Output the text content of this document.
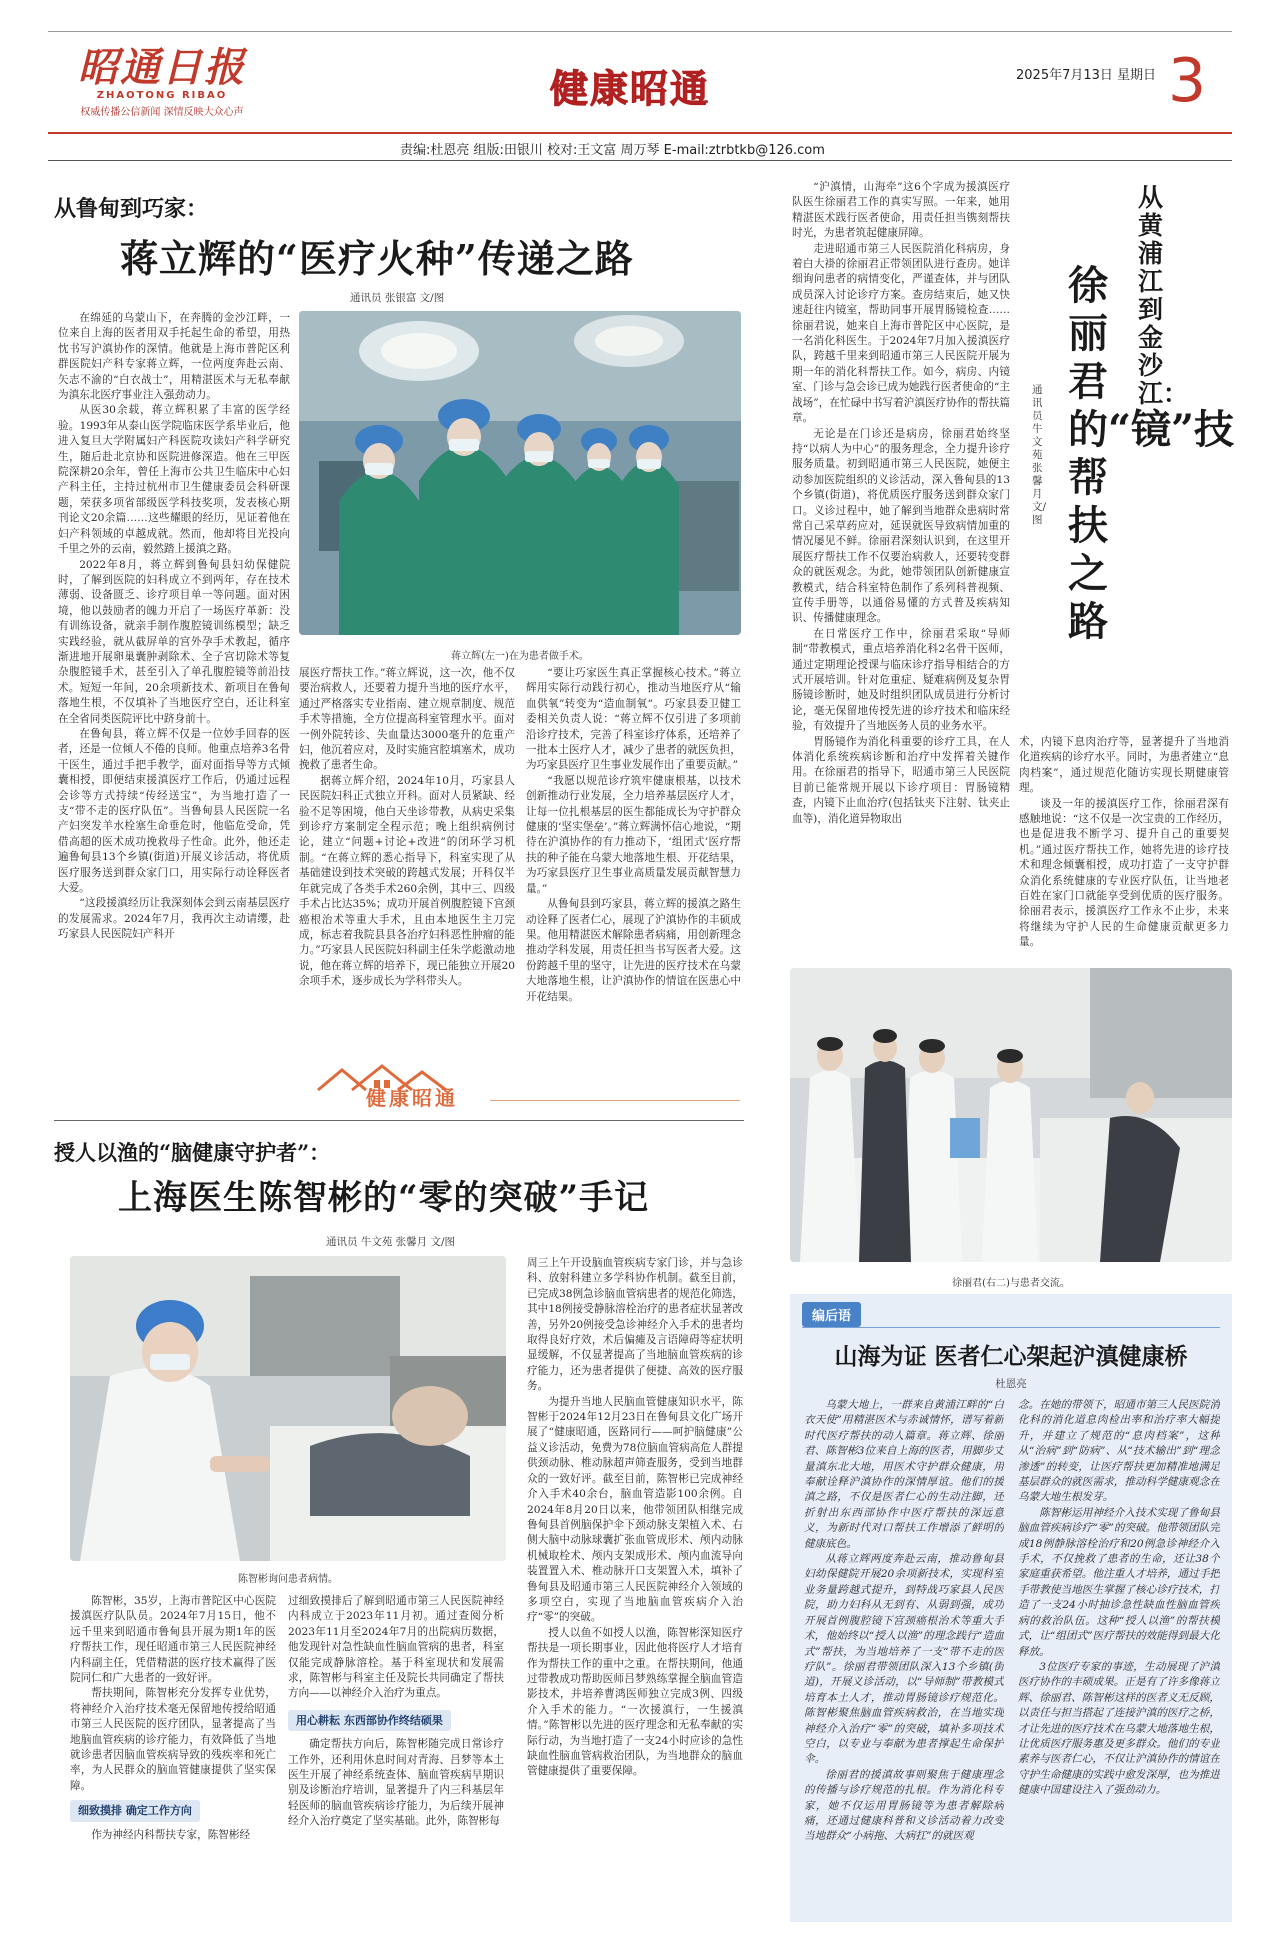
昭通日报
ZHAOTONG RIBAO
权威传播公信新闻 深情反映大众心声
健康昭通	2025年7月13日 星期日 3
责编:杜恩亮 组版:田银川 校对:王文富 周万琴 E-mail:ztrbtkb@126.com
从鲁甸到巧家：
蒋立辉的“医疗火种”传递之路
通讯员 张银富 文/图
蒋立辉(左一)在为患者做手术。

在绵延的乌蒙山下，在奔腾的金沙江畔，一位来自上海的医者用双手托起生命的希望，用热忱书写沪滇协作的深情。他就是上海市普陀区利群医院妇产科专家蒋立辉，一位两度奔赴云南、矢志不渝的“白衣战士”，用精湛医术与无私奉献为滇东北医疗事业注入强劲动力。

从医30余载，蒋立辉积累了丰富的医学经验。1993年从泰山医学院临床医学系毕业后，他进入复旦大学附属妇产科医院攻读妇产科学研究生，随后赴北京协和医院进修深造。他在三甲医院深耕20余年，曾任上海市公共卫生临床中心妇产科主任，主持过杭州市卫生健康委员会科研课题，荣获多项省部级医学科技奖项，发表核心期刊论文20余篇……这些耀眼的经历，见证着他在妇产科领域的卓越成就。然而，他却将目光投向千里之外的云南，毅然踏上援滇之路。

2022年8月，蒋立辉到鲁甸县妇幼保健院时，了解到医院的妇科成立不到两年，存在技术薄弱、设备匮乏、诊疗项目单一等问题。面对困境，他以鼓励者的魄力开启了一场医疗革新：没有训练设备，就亲手制作腹腔镜训练模型；缺乏实践经验，就从截屏单的宫外孕手术教起，循序渐进地开展卵巢囊肿剥除术、全子宫切除术等复杂腹腔镜手术，甚至引入了单孔腹腔镜等前沿技术。短短一年间，20余项新技术、新项目在鲁甸落地生根，不仅填补了当地医疗空白，还让科室在全省同类医院评比中跻身前十。

在鲁甸县，蒋立辉不仅是一位妙手回春的医者，还是一位倾人不倦的良师。他重点培养3名骨干医生，通过手把手教学，面对面指导等方式倾囊相授，即便结束援滇医疗工作后，仍通过远程会诊等方式持续“传经送宝”，为当地打造了一支“带不走的医疗队伍”。当鲁甸县人民医院一名产妇突发羊水栓塞生命垂危时，他临危受命，凭借高超的医术成功挽救母子性命。此外，他还走遍鲁甸县13个乡镇(街道)开展义诊活动，将优质医疗服务送到群众家门口，用实际行动诠释医者大爱。

“这段援滇经历让我深刻体会到云南基层医疗的发展需求。2024年7月，我再次主动请缨，赴巧家县人民医院妇产科开

展医疗帮扶工作。”蒋立辉说，这一次，他不仅要治病救人，还要着力提升当地的医疗水平，通过严格落实专业指南、建立规章制度、规范手术等措施，全方位提高科室管理水平。面对一例外院转诊、失血量达3000毫升的危重产妇，他沉着应对，及时实施宫腔填塞术，成功挽救了患者生命。

据蒋立辉介绍，2024年10月，巧家县人民医院妇科正式独立开科。面对人员紧缺、经验不足等困境，他白天坐诊带教，从病史采集到诊疗方案制定全程示范；晚上组织病例讨论，建立“问题+讨论+改进”的闭环学习机制。“在蒋立辉的悉心指导下，科室实现了从基础建设到技术突破的跨越式发展；开科仅半年就完成了各类手术260余例，其中三、四级手术占比达35%；成功开展首例腹腔镜下宫颈癌根治术等重大手术，且由本地医生主刀完成，标志着我院县县各治疗妇科恶性肿瘤的能力。”巧家县人民医院妇科副主任朱学彪激动地说，他在蒋立辉的培养下，现已能独立开展20余项手术，逐步成长为学科带头人。

“要让巧家医生真正掌握核心技术。”蒋立辉用实际行动践行初心，推动当地医疗从“输血供氧”转变为“造血制氧”。巧家县委卫健工委相关负责人说：“蒋立辉不仅引进了多项前沿诊疗技术，完善了科室诊疗体系，还培养了一批本土医疗人才，减少了患者的就医负担，为巧家县医疗卫生事业发展作出了重要贡献。”

“我愿以规范诊疗筑牢健康根基，以技术创新推动行业发展，全力培养基层医疗人才，让每一位扎根基层的医生都能成长为守护群众健康的‘坚实堡垒’。”蒋立辉满怀信心地说，“期待在沪滇协作的有力推动下，‘组团式’医疗帮扶的种子能在乌蒙大地落地生根、开花结果，为巧家县医疗卫生事业高质量发展贡献智慧力量。”

从鲁甸县到巧家县，蒋立辉的援滇之路生动诠释了医者仁心，展现了沪滇协作的丰硕成果。他用精湛医术解除患者病痛，用创新理念推动学科发展，用责任担当书写医者大爱。这份跨越千里的坚守，让先进的医疗技术在乌蒙大地落地生根，让沪滇协作的情谊在医患心中开花结果。

健康昭通
授人以渔的“脑健康守护者”：
上海医生陈智彬的“零的突破”手记
通讯员 牛文苑 张馨月 文/图
陈智彬询问患者病情。

陈智彬，35岁，上海市普陀区中心医院援滇医疗队队员。2024年7月15日，他不远千里来到昭通市鲁甸县开展为期1年的医疗帮扶工作，现任昭通市第三人民医院神经内科副主任，凭借精湛的医疗技术赢得了医院同仁和广大患者的一致好评。

帮扶期间，陈智彬充分发挥专业优势，将神经介入治疗技术毫无保留地传授给昭通市第三人民医院的医疗团队，显著提高了当地脑血管疾病的诊疗能力，有效降低了当地就诊患者因脑血管疾病导致的残疾率和死亡率，为人民群众的脑血管健康提供了坚实保障。

细致摸排 确定工作方向

作为神经内科帮扶专家，陈智彬经

过细致摸排后了解到昭通市第三人民医院神经内科成立于2023年11月初。通过查阅分析2023年11月至2024年7月的出院病历数据，他发现针对急性缺血性脑血管病的患者，科室仅能完成静脉溶栓。基于科室现状和发展需求，陈智彬与科室主任及院长共同确定了帮扶方向——以神经介入治疗为重点。

用心耕耘 东西部协作终结硕果

确定帮扶方向后，陈智彬随完成日常诊疗工作外，还利用休息时间对青海、吕梦等本土医生开展了神经系统查体、脑血管疾病早期识别及诊断治疗培训，显著提升了内三科基层年轻医师的脑血管疾病诊疗能力，为后续开展神经介入治疗奠定了坚实基础。此外，陈智彬每

周三上午开设脑血管疾病专家门诊，并与急诊科、放射科建立多学科协作机制。截至目前，已完成38例急诊脑血管病患者的规范化筛选，其中18例接受静脉溶栓治疗的患者症状显著改善，另外20例接受急诊神经介入手术的患者均取得良好疗效，术后偏瘫及言语障碍等症状明显缓解，不仅显著提高了当地脑血管疾病的诊疗能力，还为患者提供了便捷、高效的医疗服务。

为提升当地人民脑血管健康知识水平，陈智彬于2024年12月23日在鲁甸县文化广场开展了“健康昭通，医路同行——呵护脑健康”公益义诊活动，免费为78位脑血管病高危人群提供颈动脉、椎动脉超声筛查服务，受到当地群众的一致好评。截至目前，陈智彬已完成神经介入手术40余台，脑血管造影100余例。自2024年8月20日以来，他带领团队相继完成鲁甸县首例脑保护伞下颈动脉支架植入术、右侧大脑中动脉球囊扩张血管成形术、颅内动脉机械取栓术、颅内支架成形术、颅内血流导向装置置入术、椎动脉开口支架置入术，填补了鲁甸县及昭通市第三人民医院神经介入领域的多项空白，实现了当地脑血管疾病介入治疗“零”的突破。

授人以鱼不如授人以渔，陈智彬深知医疗帮扶是一项长期事业，因此他将医疗人才培育作为帮扶工作的重中之重。在帮扶期间，他通过带教成功帮助医师吕梦熟练掌握全脑血管造影技术，并培养曹鸿医师独立完成3例、四级介入手术的能力。“一次援滇行，一生援滇情。”陈智彬以先进的医疗理念和无私奉献的实际行动，为当地打造了一支24小时应诊的急性缺血性脑血管病救治团队，为当地群众的脑血管健康提供了重要保障。

从黄浦江到金沙江：
徐丽君的“镜”技帮扶之路
通讯员 牛文苑 张馨月 文/图

“沪滇情，山海牵”这6个字成为援滇医疗队医生徐丽君工作的真实写照。一年来，她用精湛医术践行医者使命，用责任担当镌刻帮扶时光，为患者筑起健康屏障。

走进昭通市第三人民医院消化科病房，身着白大褂的徐丽君正带领团队进行查房。她详细询问患者的病情变化，严谨查体，并与团队成员深入讨论诊疗方案。查房结束后，她又快速赶往内镜室，帮助同事开展胃肠镜检查……徐丽君说，她来自上海市普陀区中心医院，是一名消化科医生。于2024年7月加入援滇医疗队，跨越千里来到昭通市第三人民医院开展为期一年的消化科帮扶工作。如今，病房、内镜室、门诊与急会诊已成为她践行医者使命的“主战场”，在忙碌中书写着沪滇医疗协作的帮扶篇章。

无论是在门诊还是病房，徐丽君始终坚持“以病人为中心”的服务理念，全力提升诊疗服务质量。初到昭通市第三人民医院，她便主动参加医院组织的义诊活动，深入鲁甸县的13个乡镇(街道)，将优质医疗服务送到群众家门口。义诊过程中，她了解到当地群众患病时常常自己采草药应对，延误就医导致病情加重的情况屡见不鲜。徐丽君深刻认识到，在这里开展医疗帮扶工作不仅要治病救人，还要转变群众的就医观念。为此，她带领团队创新健康宣教模式，结合科室特色制作了系列科普视频、宣传手册等，以通俗易懂的方式普及疾病知识、传播健康理念。

在日常医疗工作中，徐丽君采取“导师制”带教模式，重点培养消化科2名骨干医师，通过定期理论授课与临床诊疗指导相结合的方式开展培训。针对危重症、疑难病例及复杂胃肠镜诊断时，她及时组织团队成员进行分析讨论，毫无保留地传授先进的诊疗技术和临床经验，有效提升了当地医务人员的业务水平。

胃肠镜作为消化科重要的诊疗工具，在人体消化系统疾病诊断和治疗中发挥着关键作用。在徐丽君的指导下，昭通市第三人民医院目前已能常规开展以下诊疗项目：胃肠镜精查，内镜下止血治疗(包括钛夹下注射、钛夹止血等)，消化道异物取出

术，内镜下息肉治疗等，显著提升了当地消化道疾病的诊疗水平。同时，为患者建立“息肉档案”，通过规范化随访实现长期健康管理。

谈及一年的援滇医疗工作，徐丽君深有感触地说：“这不仅是一次宝贵的工作经历，也是促进我不断学习、提升自己的重要契机。”通过医疗帮扶工作，她将先进的诊疗技术和理念倾囊相授，成功打造了一支守护群众消化系统健康的专业医疗队伍，让当地老百姓在家门口就能享受到优质的医疗服务。徐丽君表示，援滇医疗工作永不止步，未来将继续为守护人民的生命健康贡献更多力量。

徐丽君(右二)与患者交流。
编后语
山海为证 医者仁心架起沪滇健康桥
杜恩亮

乌蒙大地上，一群来自黄浦江畔的“白衣天使”用精湛医术与赤诚情怀，谱写着新时代医疗帮扶的动人篇章。蒋立辉、徐丽君、陈智彬3位来自上海的医者，用脚步丈量滇东北大地，用医术守护群众健康，用奉献诠释沪滇协作的深情厚谊。他们的援滇之路，不仅是医者仁心的生动注脚，还折射出东西部协作中医疗帮扶的深远意义，为新时代对口帮扶工作增添了鲜明的健康底色。

从蒋立辉两度奔赴云南，推动鲁甸县妇幼保健院开展20余项新技术，实现科室业务量跨越式提升，到特战巧家县人民医院，助力妇科从无到有、从弱到强，成功开展首例腹腔镜下宫颈癌根治术等重大手术，他始终以“授人以渔”的理念践行“造血式”帮扶，为当地培养了一支“带不走的医疗队”。徐丽君带领团队深入13个乡镇(街道)，开展义诊活动，以“导师制”带教模式培育本土人才，推动胃肠镜诊疗规范化。陈智彬聚焦脑血管疾病救治，在当地实现神经介入治疗“零”的突破，填补多项技术空白，以专业与奉献为患者撑起生命保护伞。

徐丽君的援滇故事则聚焦于健康理念的传播与诊疗规范的扎根。作为消化科专家，她不仅运用胃肠镜等为患者解除病痛，还通过健康科普和义诊活动着力改变当地群众“小病拖、大病扛”的就医观

念。在她的带领下，昭通市第三人民医院消化科的消化道息肉检出率和治疗率大幅提升，并建立了规范的“息肉档案”，这种从“治病”到“防病”、从“技术输出”到“理念渗透”的转变，让医疗帮扶更加精准地满足基层群众的就医需求，推动科学健康观念在乌蒙大地生根发芽。

陈智彬运用神经介入技术实现了鲁甸县脑血管疾病诊疗“零”的突破。他带领团队完成18例静脉溶栓治疗和20例急诊神经介入手术，不仅挽救了患者的生命，还让38个家庭重获希望。他注重人才培养，通过手把手带教使当地医生掌握了核心诊疗技术，打造了一支24小时抽诊急性缺血性脑血管疾病的救治队伍。这种“授人以渔”的帮扶模式，让“组团式”医疗帮扶的效能得到最大化释放。

3位医疗专家的事迹，生动展现了沪滇医疗协作的丰硕成果。正是有了许多像蒋立辉、徐丽君、陈智彬这样的医者义无反顾，以责任与担当搭起了连接沪滇的医疗之桥，才让先进的医疗技术在乌蒙大地落地生根，让优质医疗服务惠及更多群众。他们的专业素养与医者仁心，不仅让沪滇协作的情谊在守护生命健康的实践中愈发深厚，也为推进健康中国建设注入了强劲动力。
